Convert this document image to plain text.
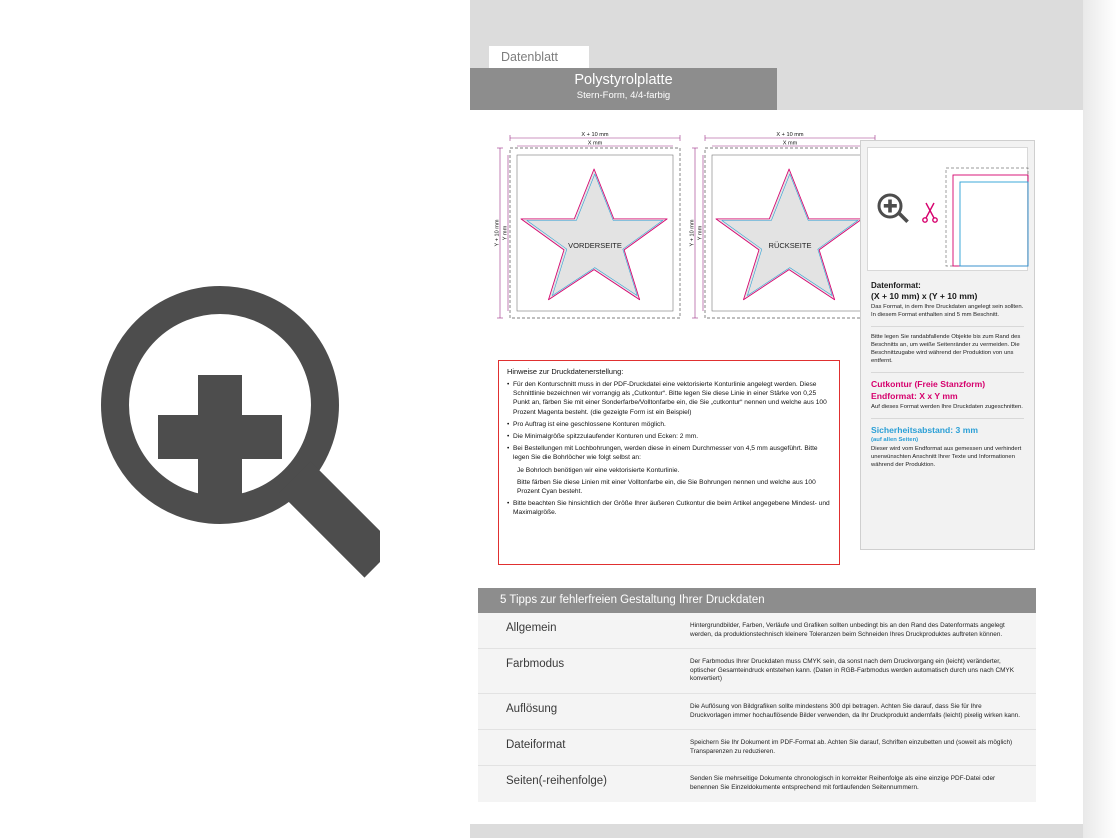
Datenblatt
Polystyrolplatte
Stern-Form, 4/4-farbig
X + 10 mm
X mm
Y + 10 mm Y mm
VORDERSEITE
X + 10 mm
X mm
Y + 10 mm Y mm
RÜCKSEITE
Hinweise zur Druckdatenerstellung:
• Für den Konturschnitt muss in der PDF-Druckdatei eine vektorisierte Konturlinie angelegt werden. Diese Schnittlinie bezeichnen wir vorrangig als „Cutkontur“. Bitte legen Sie diese Linie in einer Stärke von 0,25 Punkt an, färben Sie mit einer Sonderfarbe/Volltonfarbe ein, die Sie „cutkontur“ nennen und welche aus 100 Prozent Magenta besteht. (die gezeigte Form ist ein Beispiel)
• Pro Auftrag ist eine geschlossene Konturen möglich.
• Die Minimalgröße spitzzulaufender Konturen und Ecken: 2 mm.
• Bei Bestellungen mit Lochbohrungen, werden diese in einem Durchmesser von 4,5 mm ausgeführt. Bitte legen Sie die Bohrlöcher wie folgt selbst an:
Je Bohrloch benötigen wir eine vektorisierte Konturlinie.
Bitte färben Sie diese Linien mit einer Volltonfarbe ein, die Sie Bohrungen nennen und welche aus 100 Prozent Cyan besteht.
• Bitte beachten Sie hinsichtlich der Größe Ihrer äußeren Cutkontur die beim Artikel angegebene Mindest- und Maximalgröße.
Datenformat:
(X + 10 mm) x (Y + 10 mm)
Das Format, in dem Ihre Druckdaten angelegt sein sollten. In diesem Format enthalten sind 5 mm Beschnitt.
Bitte legen Sie randabfallende Objekte bis zum Rand des Beschnitts an, um weiße Seitenränder zu vermeiden. Die Beschnittzugabe wird während der Produktion von uns entfernt.
Cutkontur (Freie Stanzform)
Endformat: X x Y mm
Auf dieses Format werden Ihre Druckdaten zugeschnitten.
Sicherheitsabstand: 3 mm
(auf allen Seiten)
Dieser wird vom Endformat aus gemessen und verhindert unerwünschten Anschnitt Ihrer Texte und Informationen während der Produktion.
5 Tipps zur fehlerfreien Gestaltung Ihrer Druckdaten
Allgemein	Hintergrundbilder, Farben, Verläufe und Grafiken sollten unbedingt bis an den Rand des Datenformats angelegt werden, da produktionstechnisch kleinere Toleranzen beim Schneiden Ihres Druckproduktes auftreten können.
Farbmodus	Der Farbmodus Ihrer Druckdaten muss CMYK sein, da sonst nach dem Druckvorgang ein (leicht) veränderter, optischer Gesamteindruck entstehen kann. (Daten in RGB-Farbmodus werden automatisch durch uns nach CMYK konvertiert)
Auflösung	Die Auflösung von Bildgrafiken sollte mindestens 300 dpi betragen. Achten Sie darauf, dass Sie für Ihre Druckvorlagen immer hochauflösende Bilder verwenden, da Ihr Druckprodukt andernfalls (leicht) pixelig wirken kann.
Dateiformat	Speichern Sie Ihr Dokument im PDF-Format ab. Achten Sie darauf, Schriften einzubetten und (soweit als möglich) Transparenzen zu reduzieren.
Seiten(-reihenfolge)	Senden Sie mehrseitige Dokumente chronologisch in korrekter Reihenfolge als eine einzige PDF-Datei oder benennen Sie Einzeldokumente entsprechend mit fortlaufenden Seitennummern.
